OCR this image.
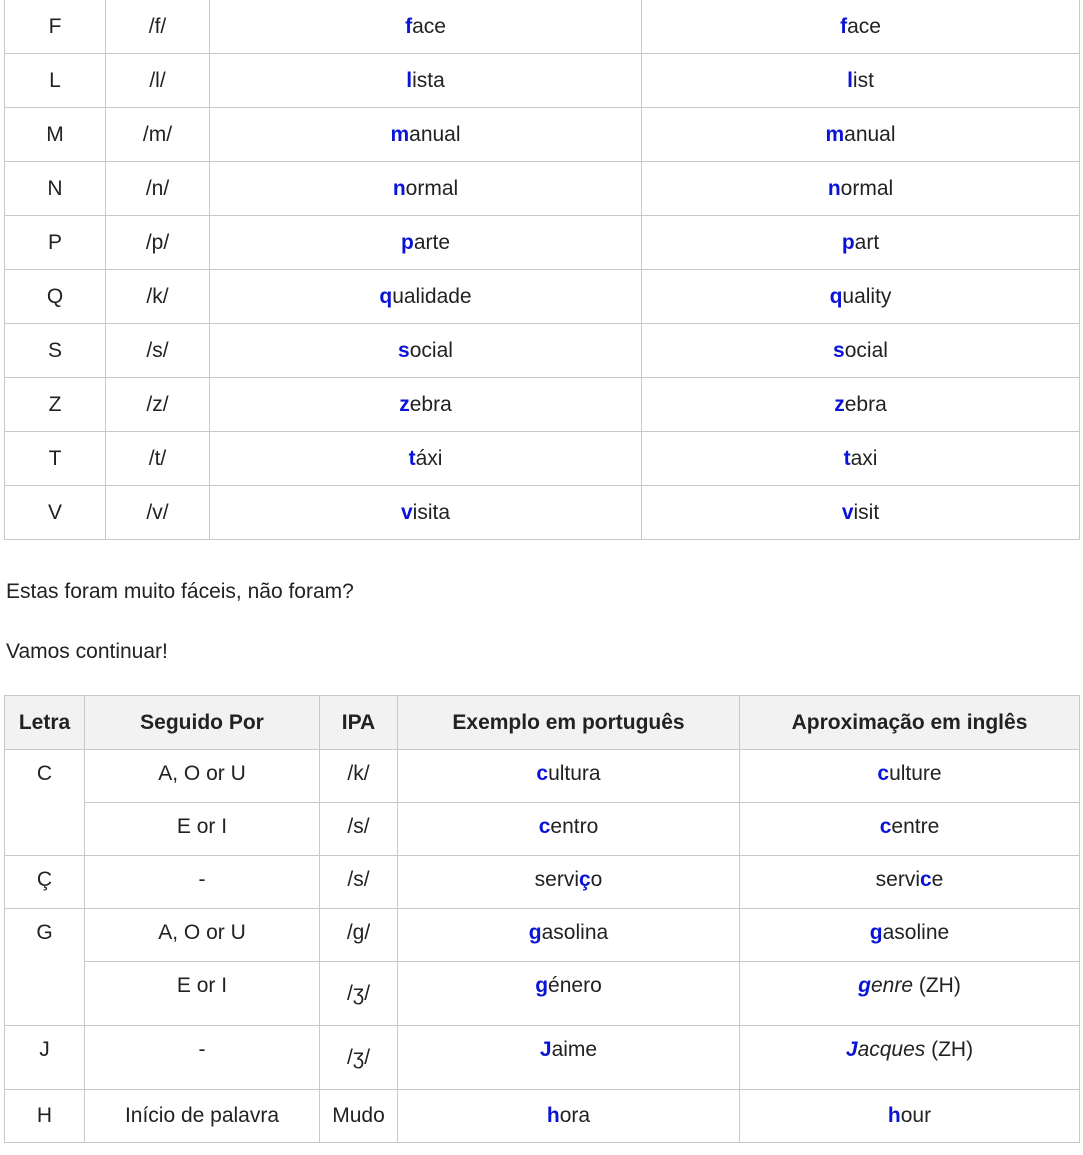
F	/f/	face	face
L	/l/	lista	list
M	/m/	manual	manual
N	/n/	normal	normal
P	/p/	parte	part
Q	/k/	qualidade	quality
S	/s/	social	social
Z	/z/	zebra	zebra
T	/t/	táxi	taxi
V	/v/	visita	visit

Estas foram muito fáceis, não foram?

Vamos continuar!

Letra	Seguido Por	IPA	Exemplo em português	Aproximação em inglês
C	A, O or U	/k/	cultura	culture
	E or I	/s/	centro	centre
Ç	-	/s/	serviço	service
G	A, O or U	/g/	gasolina	gasoline
	E or I	/ʒ/	género	genre (ZH)
J	-	/ʒ/	Jaime	Jacques (ZH)
H	Início de palavra	Mudo	hora	hour
